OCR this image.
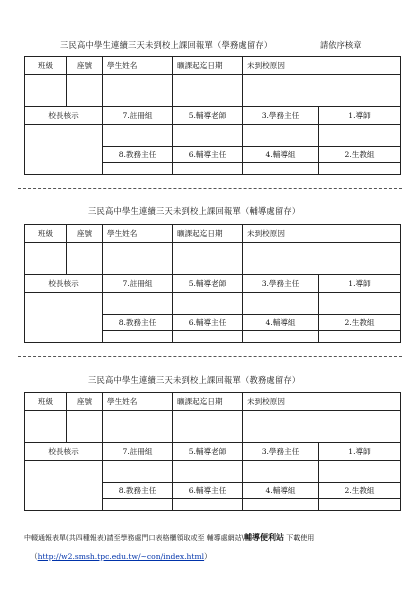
三民高中學生連續三天未到校上課回報單（學務處留存）	請依序核章
班級	座號	學生姓名	曠課起迄日期	未到校原因	

校長核示		7.註冊組	5.輔導老師	3.學務主任	1.導師

		8.教務主任	6.輔導主任	4.輔導組	2.生教組

三民高中學生連續三天未到校上課回報單（輔導處留存）
班級	座號	學生姓名	曠課起迄日期	未到校原因	

校長核示		7.註冊組	5.輔導老師	3.學務主任	1.導師

		8.教務主任	6.輔導主任	4.輔導組	2.生教組

三民高中學生連續三天未到校上課回報單（教務處留存）
班級	座號	學生姓名	曠課起迄日期	未到校原因	

校長核示		7.註冊組	5.輔導老師	3.學務主任	1.導師

		8.教務主任	6.輔導主任	4.輔導組	2.生教組

中輟通報表單(共四種報表)請至學務處門口表格櫃領取或至 輔導處網站\輔導便利站 下載使用
（http://w2.smsh.tpc.edu.tw/~con/index.html）
